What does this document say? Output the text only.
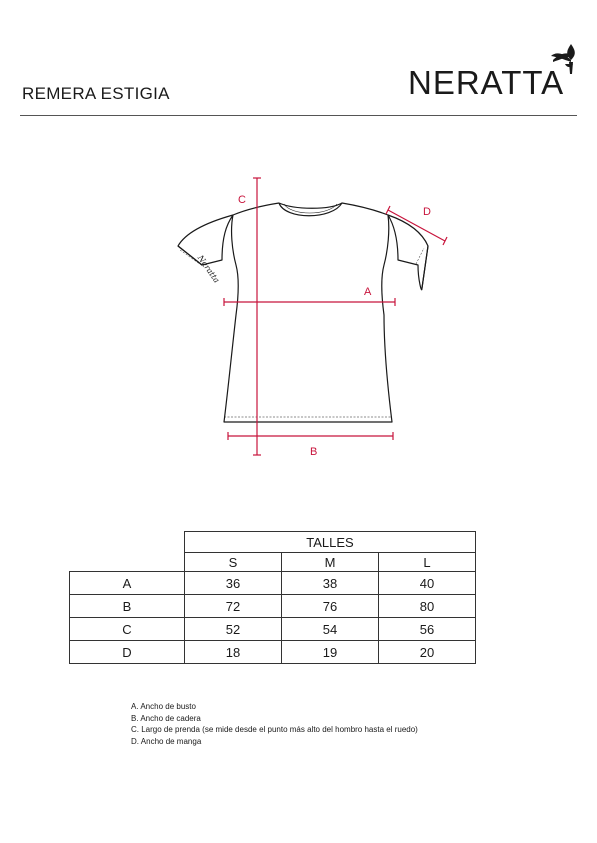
REMERA ESTIGIA	NERATTA
Neratta
C
A
B
D
	TALLES		
	S	M	L
A	36	38	40
B	72	76	80
C	52	54	56
D	18	19	20
A. Ancho de busto
B. Ancho de cadera
C. Largo de prenda (se mide desde el punto más alto del hombro hasta el ruedo)
D. Ancho de manga
